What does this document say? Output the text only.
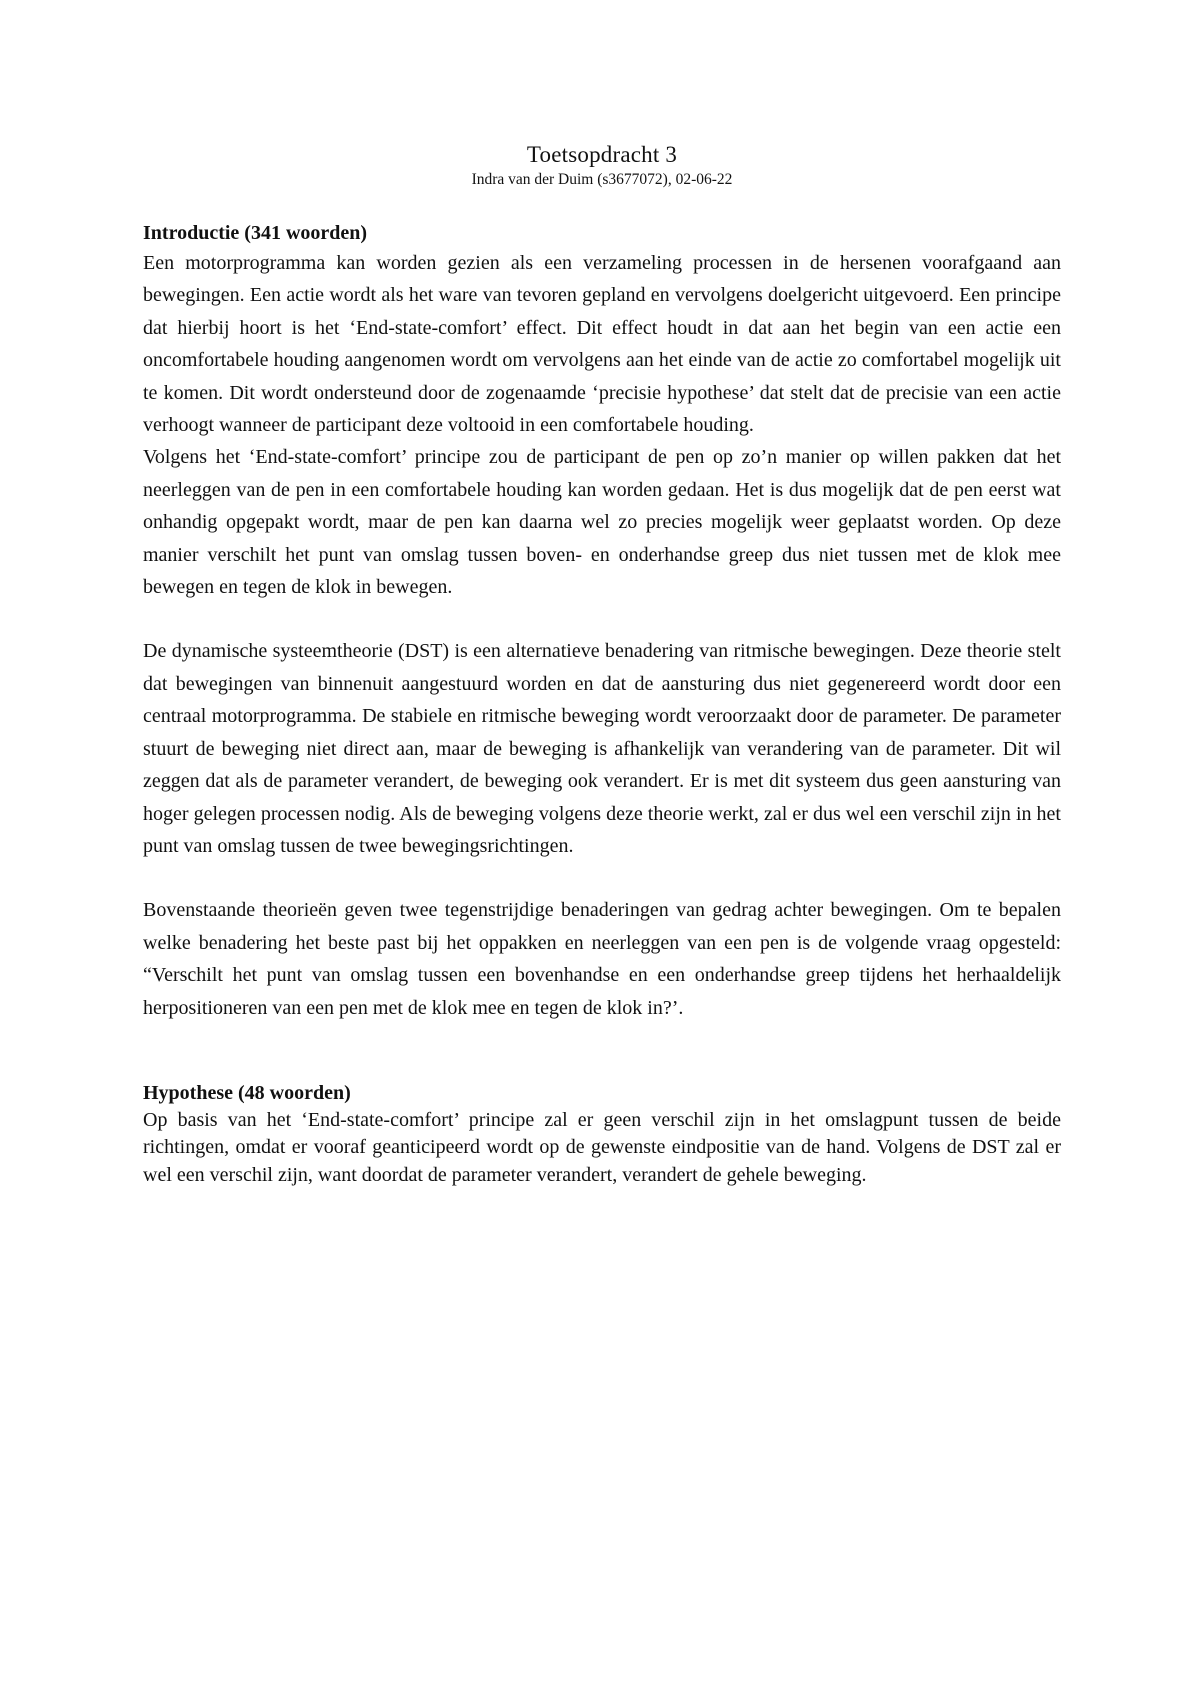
Toetsopdracht 3

Indra van der Duim (s3677072), 02-06-22

Introductie (341 woorden)

Een motorprogramma kan worden gezien als een verzameling processen in de hersenen voorafgaand aan bewegingen. Een actie wordt als het ware van tevoren gepland en vervolgens doelgericht uitgevoerd. Een principe dat hierbij hoort is het ‘End-state-comfort’ effect. Dit effect houdt in dat aan het begin van een actie een oncomfortabele houding aangenomen wordt om vervolgens aan het einde van de actie zo comfortabel mogelijk uit te komen. Dit wordt ondersteund door de zogenaamde ‘precisie hypothese’ dat stelt dat de precisie van een actie verhoogt wanneer de participant deze voltooid in een comfortabele houding.

Volgens het ‘End-state-comfort’ principe zou de participant de pen op zo’n manier op willen pakken dat het neerleggen van de pen in een comfortabele houding kan worden gedaan. Het is dus mogelijk dat de pen eerst wat onhandig opgepakt wordt, maar de pen kan daarna wel zo precies mogelijk weer geplaatst worden. Op deze manier verschilt het punt van omslag tussen boven- en onderhandse greep dus niet tussen met de klok mee bewegen en tegen de klok in bewegen.

De dynamische systeemtheorie (DST) is een alternatieve benadering van ritmische bewegingen. Deze theorie stelt dat bewegingen van binnenuit aangestuurd worden en dat de aansturing dus niet gegenereerd wordt door een centraal motorprogramma. De stabiele en ritmische beweging wordt veroorzaakt door de parameter. De parameter stuurt de beweging niet direct aan, maar de beweging is afhankelijk van verandering van de parameter. Dit wil zeggen dat als de parameter verandert, de beweging ook verandert. Er is met dit systeem dus geen aansturing van hoger gelegen processen nodig. Als de beweging volgens deze theorie werkt, zal er dus wel een verschil zijn in het punt van omslag tussen de twee bewegingsrichtingen.

Bovenstaande theorieën geven twee tegenstrijdige benaderingen van gedrag achter bewegingen. Om te bepalen welke benadering het beste past bij het oppakken en neerleggen van een pen is de volgende vraag opgesteld: “Verschilt het punt van omslag tussen een bovenhandse en een onderhandse greep tijdens het herhaaldelijk herpositioneren van een pen met de klok mee en tegen de klok in?’.

Hypothese (48 woorden)

Op basis van het ‘End-state-comfort’ principe zal er geen verschil zijn in het omslagpunt tussen de beide richtingen, omdat er vooraf geanticipeerd wordt op de gewenste eindpositie van de hand. Volgens de DST zal er wel een verschil zijn, want doordat de parameter verandert, verandert de gehele beweging.
